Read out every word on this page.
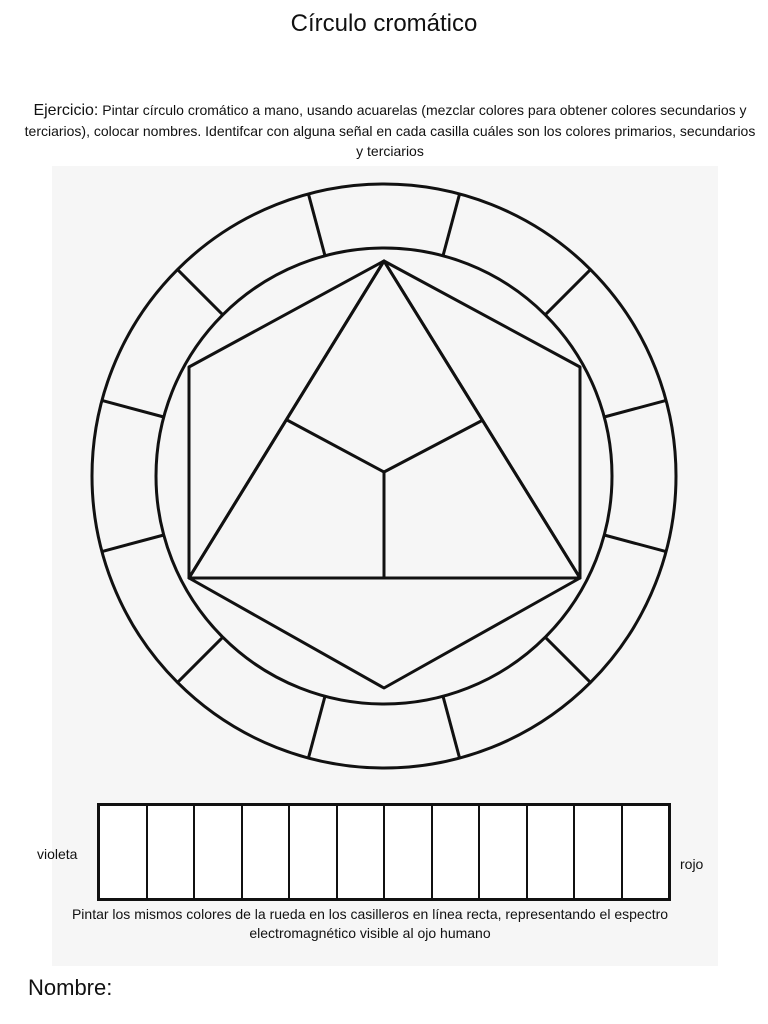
Círculo cromático
Ejercicio: Pintar círculo cromático a mano, usando acuarelas (mezclar colores para obtener colores secundarios y terciarios), colocar nombres. Identifcar con alguna señal en cada casilla cuáles son los colores primarios, secundarios y terciarios
violeta
rojo
Pintar los mismos colores de la rueda en los casilleros en línea recta, representando el espectro electromagnético visible al ojo humano
Nombre:
